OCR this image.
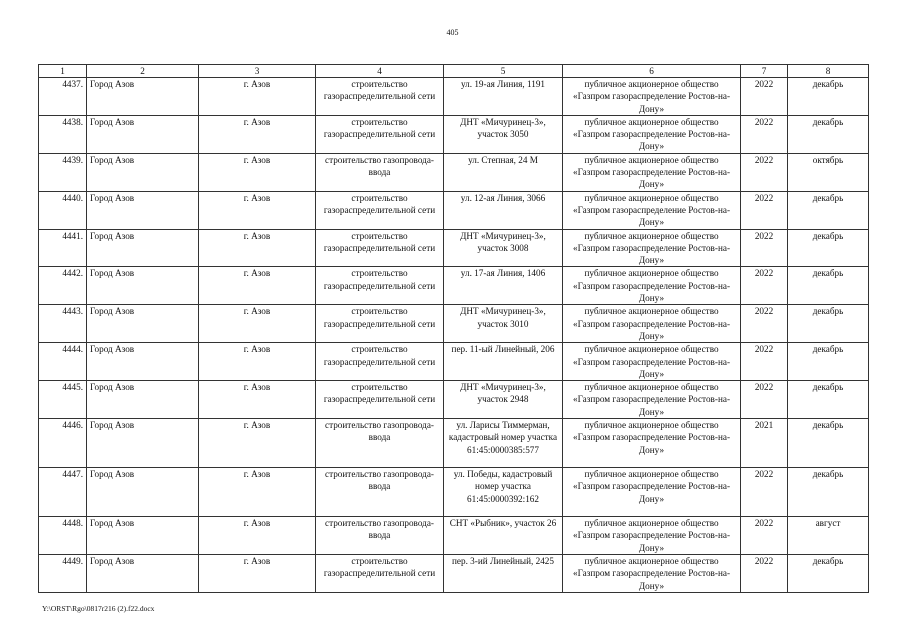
405
1	2	3	4	5	6	7	8
4437.	Город Азов	г. Азов	строительство газораспределительной сети	ул. 19-ая Линия, 1191	публичное акционерное общество «Газпром газораспределение Ростов-на-Дону»	2022	декабрь
4438.	Город Азов	г. Азов	строительство газораспределительной сети	ДНТ «Мичуринец-3», участок 3050	публичное акционерное общество «Газпром газораспределение Ростов-на-Дону»	2022	декабрь
4439.	Город Азов	г. Азов	строительство газопровода-ввода	ул. Степная, 24 М	публичное акционерное общество «Газпром газораспределение Ростов-на-Дону»	2022	октябрь
4440.	Город Азов	г. Азов	строительство газораспределительной сети	ул. 12-ая Линия, 3066	публичное акционерное общество «Газпром газораспределение Ростов-на-Дону»	2022	декабрь
4441.	Город Азов	г. Азов	строительство газораспределительной сети	ДНТ «Мичуринец-3», участок 3008	публичное акционерное общество «Газпром газораспределение Ростов-на-Дону»	2022	декабрь
4442.	Город Азов	г. Азов	строительство газораспределительной сети	ул. 17-ая Линия, 1406	публичное акционерное общество «Газпром газораспределение Ростов-на-Дону»	2022	декабрь
4443.	Город Азов	г. Азов	строительство газораспределительной сети	ДНТ «Мичуринец-3», участок 3010	публичное акционерное общество «Газпром газораспределение Ростов-на-Дону»	2022	декабрь
4444.	Город Азов	г. Азов	строительство газораспределительной сети	пер. 11-ый Линейный, 206	публичное акционерное общество «Газпром газораспределение Ростов-на-Дону»	2022	декабрь
4445.	Город Азов	г. Азов	строительство газораспределительной сети	ДНТ «Мичуринец-3», участок 2948	публичное акционерное общество «Газпром газораспределение Ростов-на-Дону»	2022	декабрь
4446.	Город Азов	г. Азов	строительство газопровода-ввода	ул. Ларисы Тиммерман, кадастровый номер участка 61:45:0000385:577	публичное акционерное общество «Газпром газораспределение Ростов-на-Дону»	2021	декабрь
4447.	Город Азов	г. Азов	строительство газопровода-ввода	ул. Победы, кадастровый номер участка 61:45:0000392:162	публичное акционерное общество «Газпром газораспределение Ростов-на-Дону»	2022	декабрь
4448.	Город Азов	г. Азов	строительство газопровода-ввода	СНТ «Рыбник», участок 26	публичное акционерное общество «Газпром газораспределение Ростов-на-Дону»	2022	август
4449.	Город Азов	г. Азов	строительство газораспределительной сети	пер. 3-ий Линейный, 2425	публичное акционерное общество «Газпром газораспределение Ростов-на-Дону»	2022	декабрь
Y:\ORST\Rgo\0817r216 (2).f22.docx
